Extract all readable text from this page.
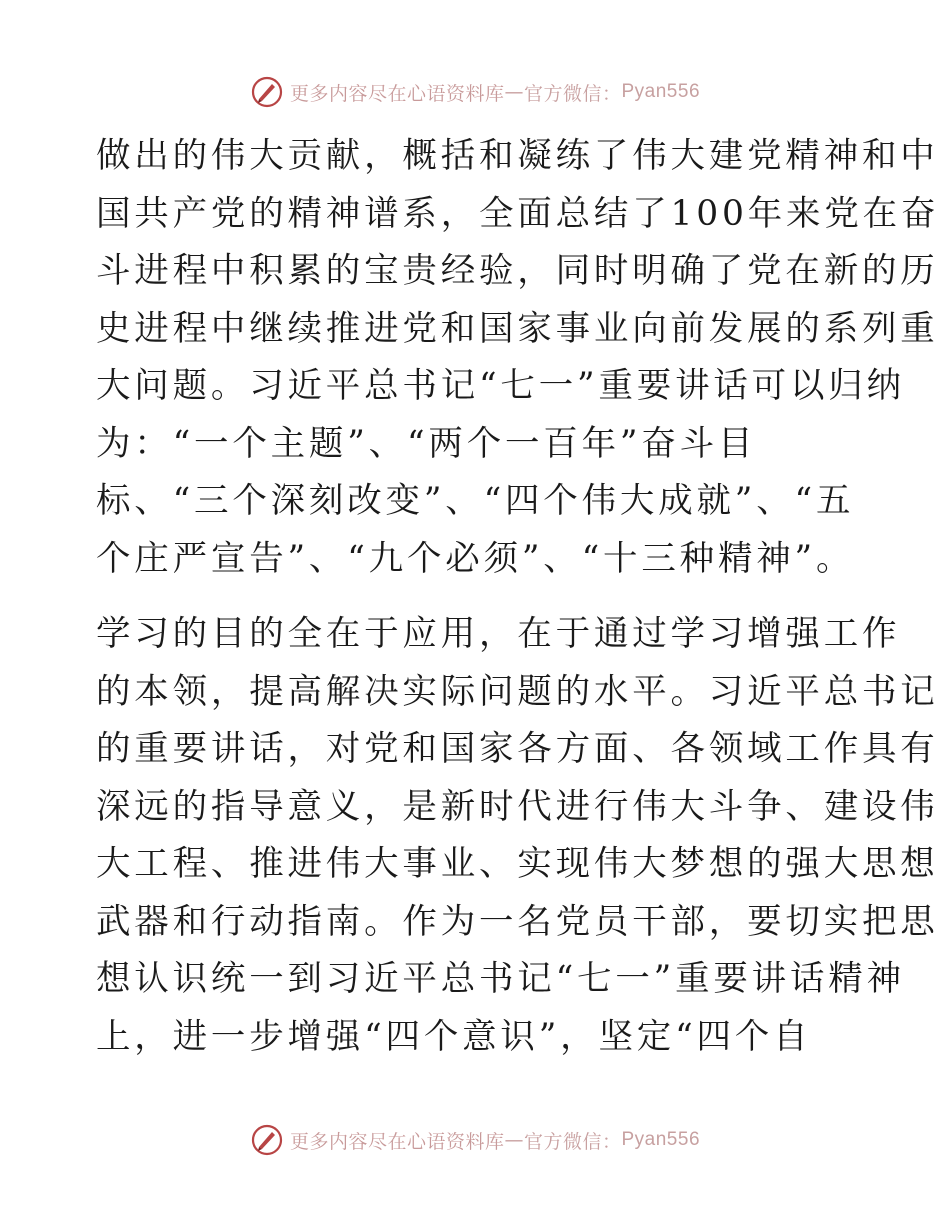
更多内容尽在心语资料库 — 官方微信： Pyan556
做出的伟大贡献，概括和凝练了伟大建党精神和中
国共产党的精神谱系，全面总结了100年来党在奋
斗进程中积累的宝贵经验，同时明确了党在新的历
史进程中继续推进党和国家事业向前发展的系列重
大问题。习近平总书记“七一”重要讲话可以归纳
为：“一个主题”、“两个一百年”奋斗目
标、“三个深刻改变”、“四个伟大成就”、“五
个庄严宣告”、“九个必须”、“十三种精神”。
学习的目的全在于应用，在于通过学习增强工作
的本领，提高解决实际问题的水平。习近平总书记
的重要讲话，对党和国家各方面、各领域工作具有
深远的指导意义，是新时代进行伟大斗争、建设伟
大工程、推进伟大事业、实现伟大梦想的强大思想
武器和行动指南。作为一名党员干部，要切实把思
想认识统一到习近平总书记“七一”重要讲话精神
上，进一步增强“四个意识”，坚定“四个自
更多内容尽在心语资料库 — 官方微信： Pyan556
